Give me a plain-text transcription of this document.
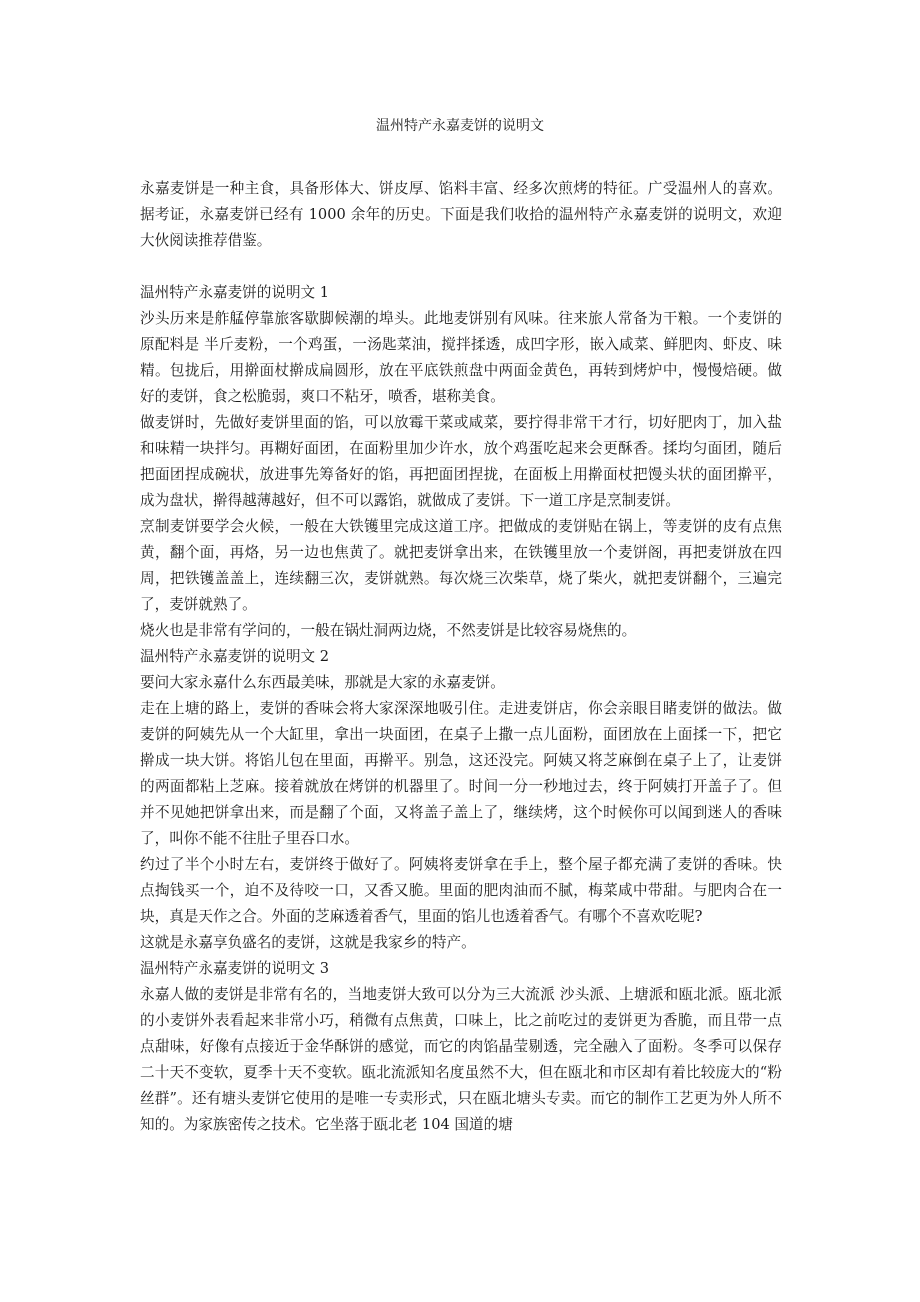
温州特产永嘉麦饼的说明文

永嘉麦饼是一种主食，具备形体大、饼皮厚、馅料丰富、经多次煎烤的特征。广受温州人的喜欢。据考证，永嘉麦饼已经有 1000 余年的历史。下面是我们收拾的温州特产永嘉麦饼的说明文，欢迎大伙阅读推荐借鉴。

温州特产永嘉麦饼的说明文 1

沙头历来是舴艋停靠旅客歇脚候潮的埠头。此地麦饼别有风味。往来旅人常备为干粮。一个麦饼的原配料是 半斤麦粉，一个鸡蛋，一汤匙菜油，搅拌揉透，成凹字形，嵌入咸菜、鲜肥肉、虾皮、味精。包拢后，用擀面杖擀成扁圆形，放在平底铁煎盘中两面金黄色，再转到烤炉中，慢慢焙硬。做好的麦饼，食之松脆弱，爽口不粘牙，喷香，堪称美食。

做麦饼时，先做好麦饼里面的馅，可以放霉干菜或咸菜，要拧得非常干才行，切好肥肉丁，加入盐和味精一块拌匀。再糊好面团，在面粉里加少许水，放个鸡蛋吃起来会更酥香。揉均匀面团，随后把面团捏成碗状，放进事先筹备好的馅，再把面团捏拢，在面板上用擀面杖把馒头状的面团擀平，成为盘状，擀得越薄越好，但不可以露馅，就做成了麦饼。下一道工序是烹制麦饼。

烹制麦饼要学会火候，一般在大铁镬里完成这道工序。把做成的麦饼贴在锅上，等麦饼的皮有点焦黄，翻个面，再烙，另一边也焦黄了。就把麦饼拿出来，在铁镬里放一个麦饼阁，再把麦饼放在四周，把铁镬盖盖上，连续翻三次，麦饼就熟。每次烧三次柴草，烧了柴火，就把麦饼翻个，三遍完了，麦饼就熟了。

烧火也是非常有学问的，一般在锅灶洞两边烧，不然麦饼是比较容易烧焦的。

温州特产永嘉麦饼的说明文 2

要问大家永嘉什么东西最美味，那就是大家的永嘉麦饼。

走在上塘的路上，麦饼的香味会将大家深深地吸引住。走进麦饼店，你会亲眼目睹麦饼的做法。做麦饼的阿姨先从一个大缸里，拿出一块面团，在桌子上撒一点儿面粉，面团放在上面揉一下，把它擀成一块大饼。将馅儿包在里面，再擀平。别急，这还没完。阿姨又将芝麻倒在桌子上了，让麦饼的两面都粘上芝麻。接着就放在烤饼的机器里了。时间一分一秒地过去，终于阿姨打开盖子了。但并不见她把饼拿出来，而是翻了个面，又将盖子盖上了，继续烤，这个时候你可以闻到迷人的香味了，叫你不能不往肚子里吞口水。

约过了半个小时左右，麦饼终于做好了。阿姨将麦饼拿在手上，整个屋子都充满了麦饼的香味。快点掏钱买一个，迫不及待咬一口，又香又脆。里面的肥肉油而不腻，梅菜咸中带甜。与肥肉合在一块，真是天作之合。外面的芝麻透着香气，里面的馅儿也透着香气。有哪个不喜欢吃呢?

这就是永嘉享负盛名的麦饼，这就是我家乡的特产。

温州特产永嘉麦饼的说明文 3

永嘉人做的麦饼是非常有名的，当地麦饼大致可以分为三大流派 沙头派、上塘派和瓯北派。瓯北派的小麦饼外表看起来非常小巧，稍微有点焦黄，口味上，比之前吃过的麦饼更为香脆，而且带一点点甜味，好像有点接近于金华酥饼的感觉，而它的肉馅晶莹剔透，完全融入了面粉。冬季可以保存二十天不变软，夏季十天不变软。瓯北流派知名度虽然不大，但在瓯北和市区却有着比较庞大的“粉丝群”。还有塘头麦饼它使用的是唯一专卖形式，只在瓯北塘头专卖。而它的制作工艺更为外人所不知的。为家族密传之技术。它坐落于瓯北老 104 国道的塘
